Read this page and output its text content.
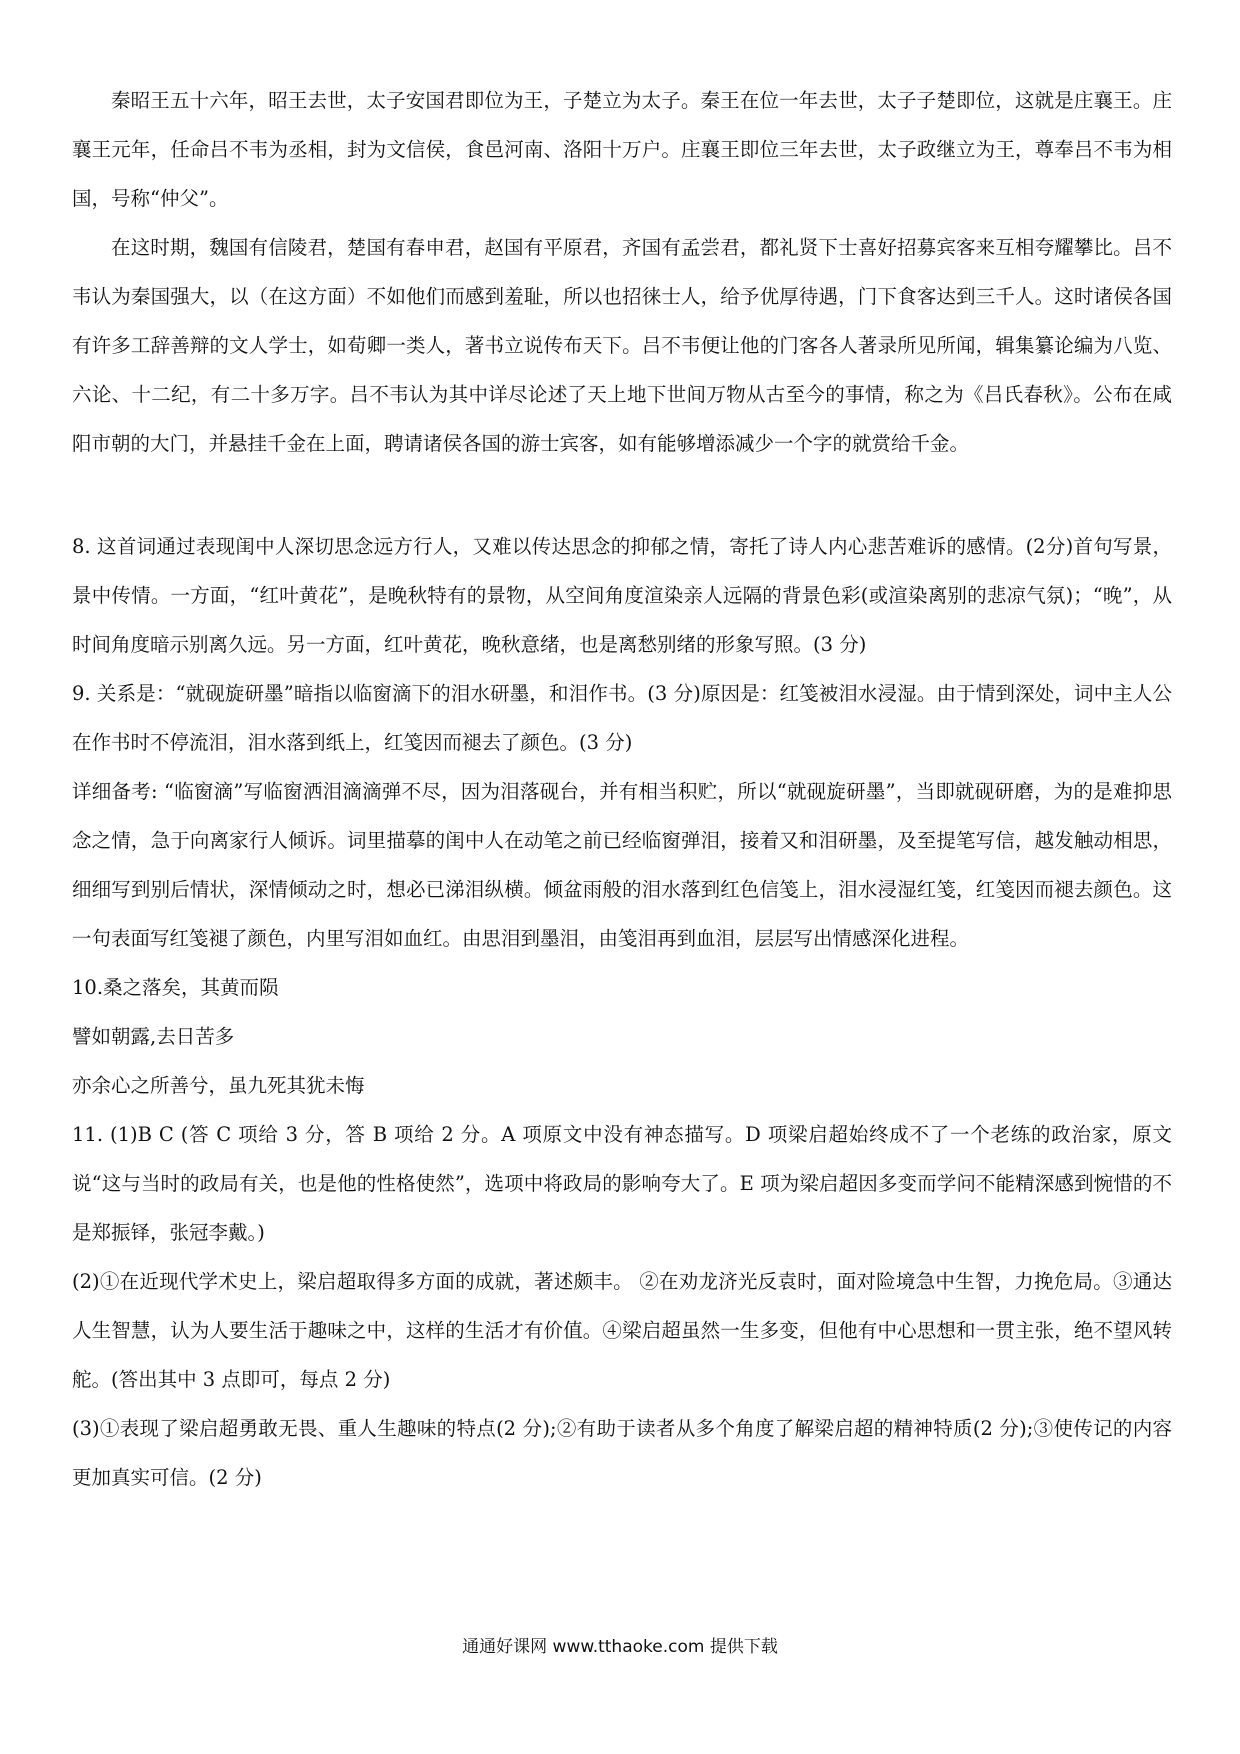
秦昭王五十六年，昭王去世，太子安国君即位为王，子楚立为太子。秦王在位一年去世，太子子楚即位，这就是庄襄王。庄襄王元年，任命吕不韦为丞相，封为文信侯，食邑河南、洛阳十万户。庄襄王即位三年去世，太子政继立为王，尊奉吕不韦为相国，号称“仲父”。

在这时期，魏国有信陵君，楚国有春申君，赵国有平原君，齐国有孟尝君，都礼贤下士喜好招募宾客来互相夸耀攀比。吕不韦认为秦国强大，以（在这方面）不如他们而感到羞耻，所以也招徕士人，给予优厚待遇，门下食客达到三千人。这时诸侯各国有许多工辞善辩的文人学士，如荀卿一类人，著书立说传布天下。吕不韦便让他的门客各人著录所见所闻，辑集纂论编为八览、六论、十二纪，有二十多万字。吕不韦认为其中详尽论述了天上地下世间万物从古至今的事情，称之为《吕氏春秋》。公布在咸阳市朝的大门，并悬挂千金在上面，聘请诸侯各国的游士宾客，如有能够增添减少一个字的就赏给千金。

8. 这首词通过表现闺中人深切思念远方行人，又难以传达思念的抑郁之情，寄托了诗人内心悲苦难诉的感情。(2分)首句写景，景中传情。一方面，“红叶黄花”，是晚秋特有的景物，从空间角度渲染亲人远隔的背景色彩(或渲染离别的悲凉气氛)；“晚”，从时间角度暗示别离久远。另一方面，红叶黄花，晚秋意绪，也是离愁别绪的形象写照。(3 分)

9. 关系是：“就砚旋研墨”暗指以临窗滴下的泪水研墨，和泪作书。(3 分)原因是：红笺被泪水浸湿。由于情到深处，词中主人公在作书时不停流泪，泪水落到纸上，红笺因而褪去了颜色。(3 分)

详细备考: “临窗滴”写临窗洒泪滴滴弹不尽，因为泪落砚台，并有相当积贮，所以“就砚旋研墨”，当即就砚研磨，为的是难抑思念之情，急于向离家行人倾诉。词里描摹的闺中人在动笔之前已经临窗弹泪，接着又和泪研墨，及至提笔写信，越发触动相思，细细写到别后情状，深情倾动之时，想必已涕泪纵横。倾盆雨般的泪水落到红色信笺上，泪水浸湿红笺，红笺因而褪去颜色。这一句表面写红笺褪了颜色，内里写泪如血红。由思泪到墨泪，由笺泪再到血泪，层层写出情感深化进程。

10.桑之落矣，其黄而陨

譬如朝露,去日苦多

亦余心之所善兮，虽九死其犹未悔

11. (1)B C (答 C 项给 3 分，答 B 项给 2 分。A 项原文中没有神态描写。D 项梁启超始终成不了一个老练的政治家，原文说“这与当时的政局有关，也是他的性格使然”，选项中将政局的影响夸大了。E 项为梁启超因多变而学问不能精深感到惋惜的不是郑振铎，张冠李戴。)

(2)①在近现代学术史上，梁启超取得多方面的成就，著述颇丰。 ②在劝龙济光反袁时，面对险境急中生智，力挽危局。③通达人生智慧，认为人要生活于趣味之中，这样的生活才有价值。④梁启超虽然一生多变，但他有中心思想和一贯主张，绝不望风转舵。(答出其中 3 点即可，每点 2 分)

(3)①表现了梁启超勇敢无畏、重人生趣味的特点(2 分);②有助于读者从多个角度了解梁启超的精神特质(2 分);③使传记的内容更加真实可信。(2 分)

通通好课网 www.tthaoke.com 提供下载
